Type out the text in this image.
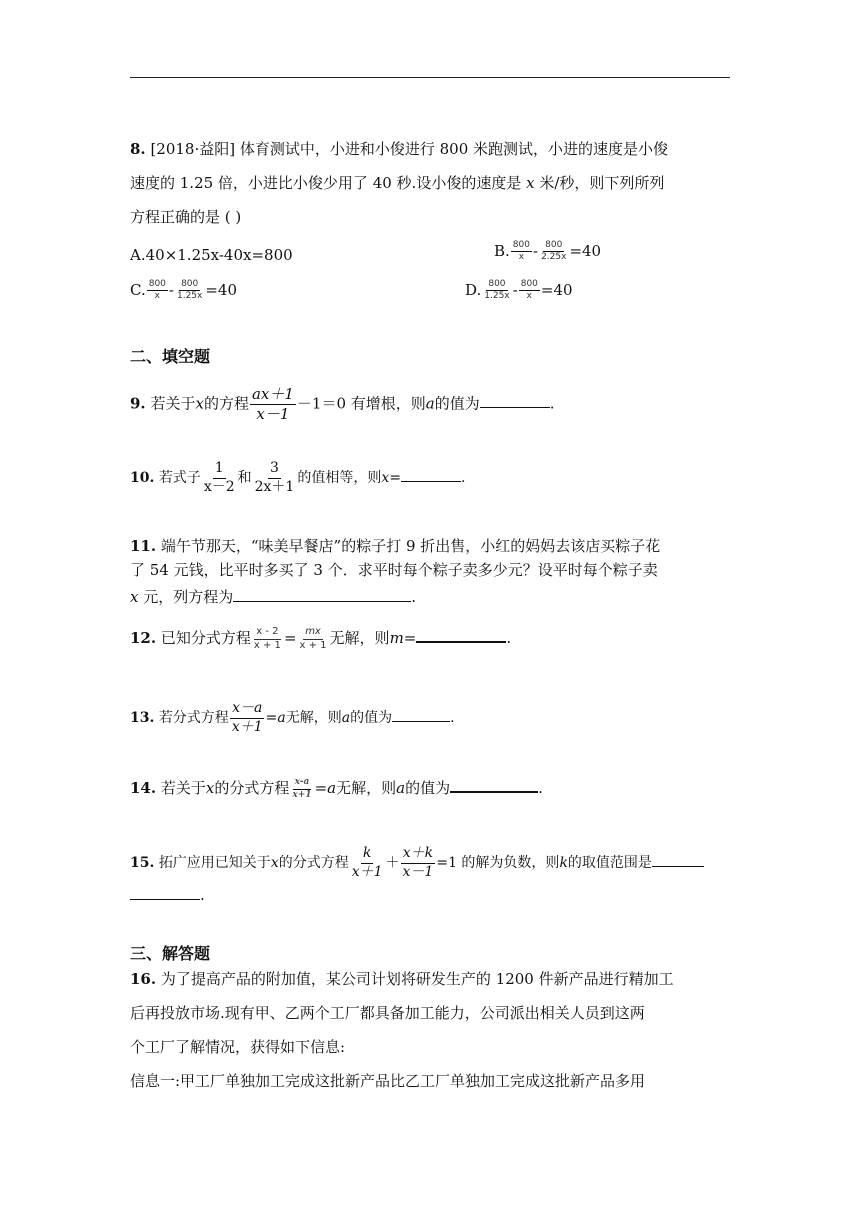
8. [2018·益阳] 体育测试中，小进和小俊进行 800 米跑测试，小进的速度是小俊
速度的 1.25 倍，小进比小俊少用了 40 秒.设小俊的速度是 x 米/秒，则下列所列
方程正确的是 ( )
A.40×1.25x-40x=800	B. $\frac{800}{x} - \frac{800}{2.25x} =40$
C. $\frac{800}{x} - \frac{800}{1.25x} =40$	D. $\frac{800}{1.25x} - \frac{800}{x} =40$
二、填空题
9. 若关于x的方程 $\frac{ax+1}{x-1} -1=0$ 有增根，则a的值为	.
10. 若式子 $\frac{1}{x-2}$ 和 $\frac{3}{2x+1}$ 的值相等，则x=	.
11. 端午节那天，“味美早餐店”的粽子打 9 折出售，小红的妈妈去该店买粽子花
了 54 元钱，比平时多买了 3 个．求平时每个粽子卖多少元？设平时每个粽子卖
x 元，列方程为	.
12. 已知分式方程 $\frac{x - 2}{x + 1} = \frac{mx}{x + 1}$ 无解，则m=	.
13. 若分式方程 $\frac{x-a}{x+1} =a$无解，则a的值为	.
14. 若关于x的分式方程 $\frac{x-a}{x+1} =a$无解，则a的值为	.
15. 拓广应用已知关于x的分式方程 $\frac{k}{x+1} + \frac{x+k}{x-1} =1$ 的解为负数，则k的取值范围是
.
三、解答题
16. 为了提高产品的附加值，某公司计划将研发生产的 1200 件新产品进行精加工
后再投放市场.现有甲、乙两个工厂都具备加工能力，公司派出相关人员到这两
个工厂了解情况，获得如下信息:
信息一:甲工厂单独加工完成这批新产品比乙工厂单独加工完成这批新产品多用
